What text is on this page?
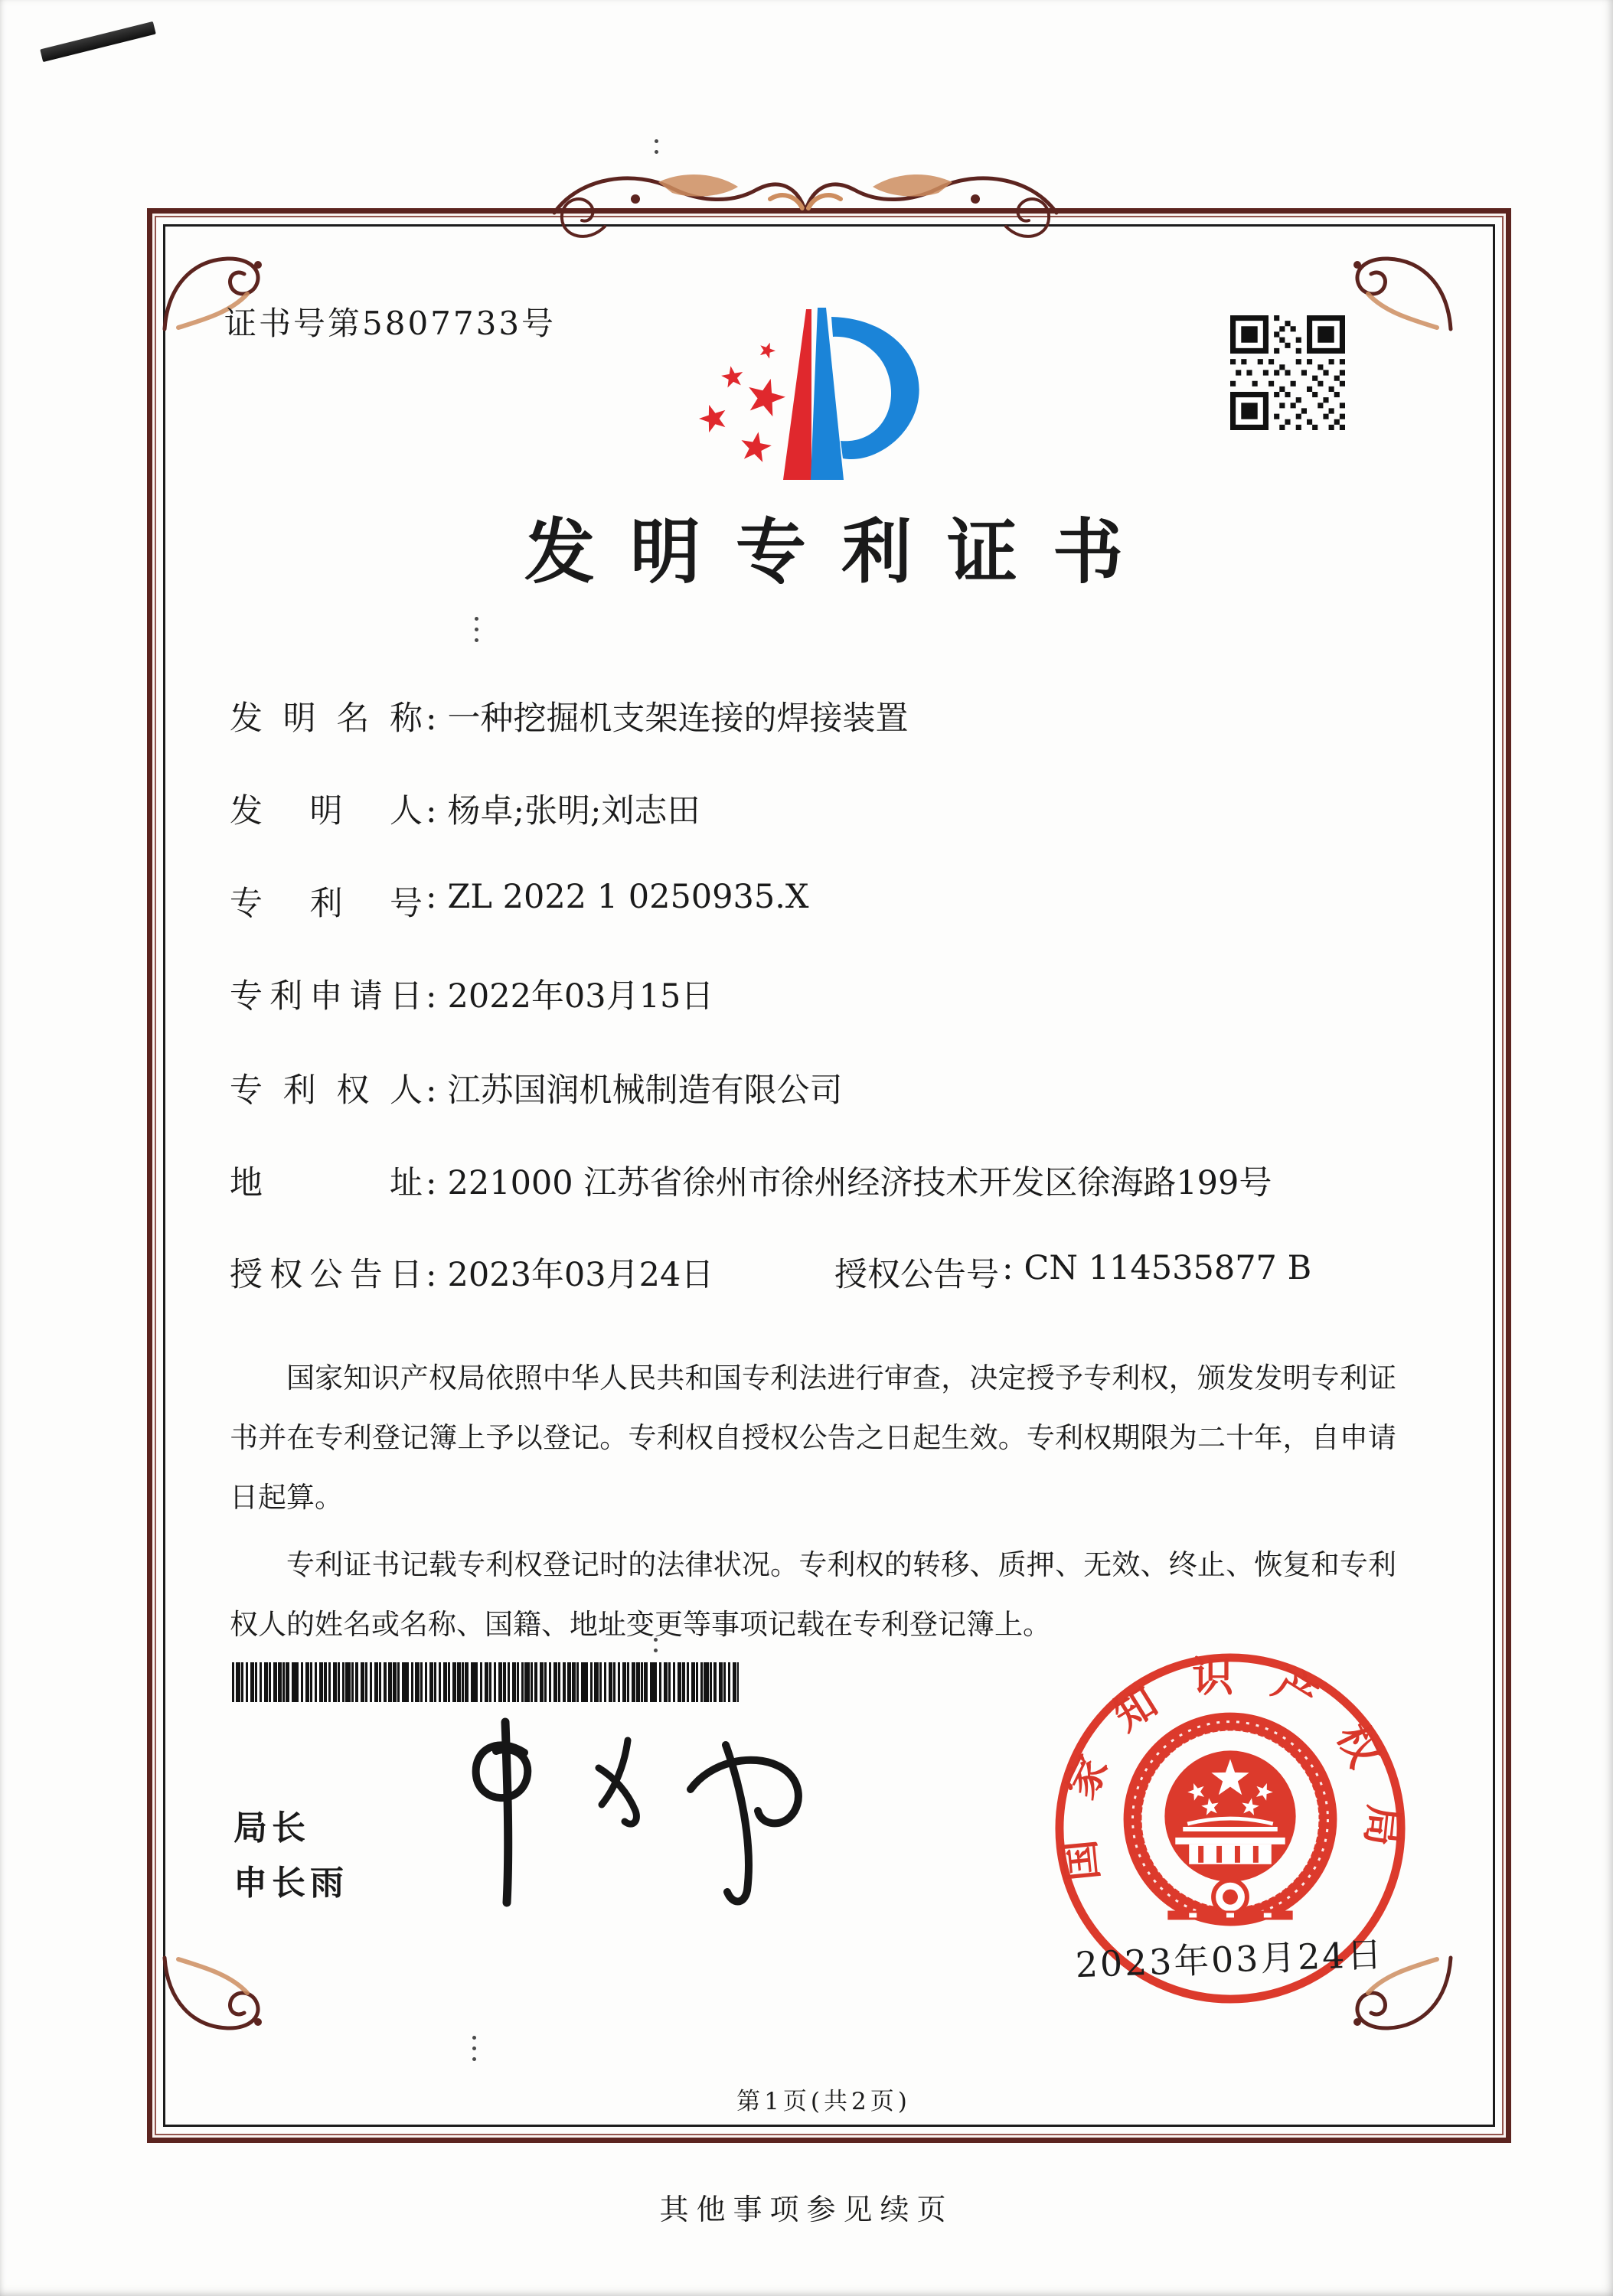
证书号第5807733号
发明专利证书
发明名称: 一种挖掘机支架连接的焊接装置
发明人: 杨卓;张明;刘志田
专利号: ZL 2022 1 0250935.X
专利申请日: 2022年03月15日
专利权人: 江苏国润机械制造有限公司
地址: 221000 江苏省徐州市徐州经济技术开发区徐海路199号
授权公告日: 2023年03月24日	授权公告号: CN 114535877 B

国家知识产权局依照中华人民共和国专利法进行审查，决定授予专利权，颁发发明专利证书并在专利登记簿上予以登记。专利权自授权公告之日起生效。专利权期限为二十年，自申请日起算。

专利证书记载专利权登记时的法律状况。专利权的转移、质押、无效、终止、恢复和专利权人的姓名或名称、国籍、地址变更等事项记载在专利登记簿上。

局长
申长雨	国家知识产权局
2023年03月24日
第1页(共2页)
其他事项参见续页
